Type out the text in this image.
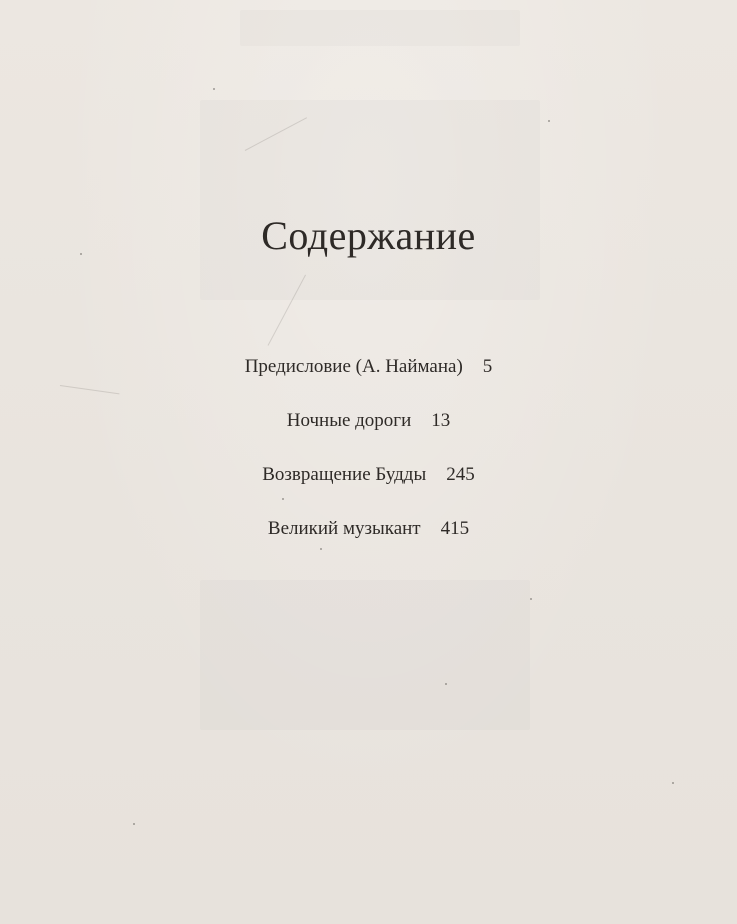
Содержание
Предисловие (А. Наймана) 5
Ночные дороги 13
Возвращение Будды 245
Великий музыкант 415
